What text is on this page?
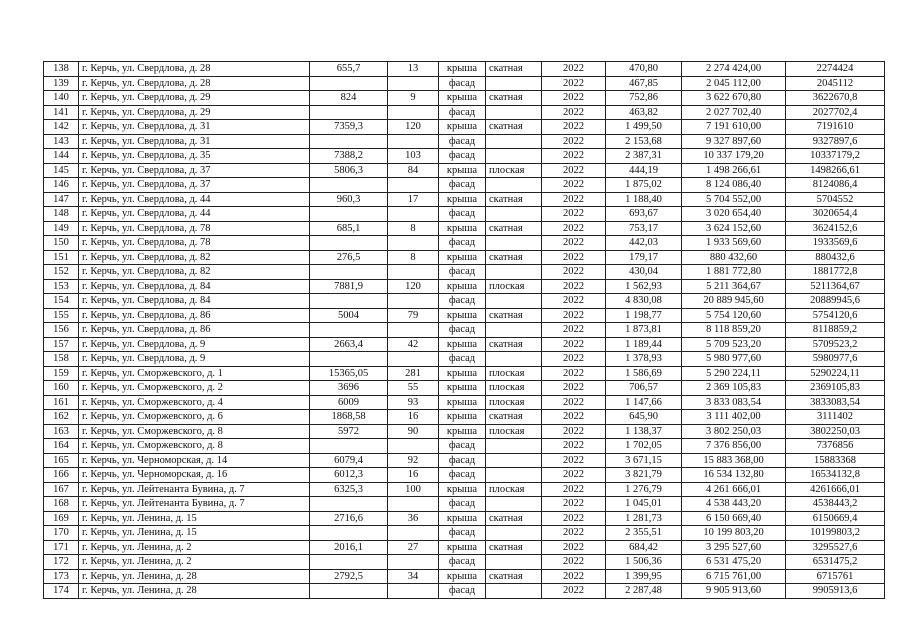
138	г. Керчь, ул. Свердлова, д. 28	655,7	13	крыша	скатная	2022	470,80	2 274 424,00	2274424
139	г. Керчь, ул. Свердлова, д. 28			фасад		2022	467,85	2 045 112,00	2045112
140	г. Керчь, ул. Свердлова, д. 29	824	9	крыша	скатная	2022	752,86	3 622 670,80	3622670,8
141	г. Керчь, ул. Свердлова, д. 29			фасад		2022	463,82	2 027 702,40	2027702,4
142	г. Керчь, ул. Свердлова, д. 31	7359,3	120	крыша	скатная	2022	1 499,50	7 191 610,00	7191610
143	г. Керчь, ул. Свердлова, д. 31			фасад		2022	2 153,68	9 327 897,60	9327897,6
144	г. Керчь, ул. Свердлова, д. 35	7388,2	103	фасад		2022	2 387,31	10 337 179,20	10337179,2
145	г. Керчь, ул. Свердлова, д. 37	5806,3	84	крыша	плоская	2022	444,19	1 498 266,61	1498266,61
146	г. Керчь, ул. Свердлова, д. 37			фасад		2022	1 875,02	8 124 086,40	8124086,4
147	г. Керчь, ул. Свердлова, д. 44	960,3	17	крыша	скатная	2022	1 188,40	5 704 552,00	5704552
148	г. Керчь, ул. Свердлова, д. 44			фасад		2022	693,67	3 020 654,40	3020654,4
149	г. Керчь, ул. Свердлова, д. 78	685,1	8	крыша	скатная	2022	753,17	3 624 152,60	3624152,6
150	г. Керчь, ул. Свердлова, д. 78			фасад		2022	442,03	1 933 569,60	1933569,6
151	г. Керчь, ул. Свердлова, д. 82	276,5	8	крыша	скатная	2022	179,17	880 432,60	880432,6
152	г. Керчь, ул. Свердлова, д. 82			фасад		2022	430,04	1 881 772,80	1881772,8
153	г. Керчь, ул. Свердлова, д. 84	7881,9	120	крыша	плоская	2022	1 562,93	5 211 364,67	5211364,67
154	г. Керчь, ул. Свердлова, д. 84			фасад		2022	4 830,08	20 889 945,60	20889945,6
155	г. Керчь, ул. Свердлова, д. 86	5004	79	крыша	скатная	2022	1 198,77	5 754 120,60	5754120,6
156	г. Керчь, ул. Свердлова, д. 86			фасад		2022	1 873,81	8 118 859,20	8118859,2
157	г. Керчь, ул. Свердлова, д. 9	2663,4	42	крыша	скатная	2022	1 189,44	5 709 523,20	5709523,2
158	г. Керчь, ул. Свердлова, д. 9			фасад		2022	1 378,93	5 980 977,60	5980977,6
159	г. Керчь, ул. Сморжевского, д. 1	15365,05	281	крыша	плоская	2022	1 586,69	5 290 224,11	5290224,11
160	г. Керчь, ул. Сморжевского, д. 2	3696	55	крыша	плоская	2022	706,57	2 369 105,83	2369105,83
161	г. Керчь, ул. Сморжевского, д. 4	6009	93	крыша	плоская	2022	1 147,66	3 833 083,54	3833083,54
162	г. Керчь, ул. Сморжевского, д. 6	1868,58	16	крыша	скатная	2022	645,90	3 111 402,00	3111402
163	г. Керчь, ул. Сморжевского, д. 8	5972	90	крыша	плоская	2022	1 138,37	3 802 250,03	3802250,03
164	г. Керчь, ул. Сморжевского, д. 8			фасад		2022	1 702,05	7 376 856,00	7376856
165	г. Керчь, ул. Черноморская, д. 14	6079,4	92	фасад		2022	3 671,15	15 883 368,00	15883368
166	г. Керчь, ул. Черноморская, д. 16	6012,3	16	фасад		2022	3 821,79	16 534 132,80	16534132,8
167	г. Керчь, ул. Лейтенанта Бувина, д. 7	6325,3	100	крыша	плоская	2022	1 276,79	4 261 666,01	4261666,01
168	г. Керчь, ул. Лейтенанта Бувина, д. 7			фасад		2022	1 045,01	4 538 443,20	4538443,2
169	г. Керчь, ул. Ленина, д. 15	2716,6	36	крыша	скатная	2022	1 281,73	6 150 669,40	6150669,4
170	г. Керчь, ул. Ленина, д. 15			фасад		2022	2 355,51	10 199 803,20	10199803,2
171	г. Керчь, ул. Ленина, д. 2	2016,1	27	крыша	скатная	2022	684,42	3 295 527,60	3295527,6
172	г. Керчь, ул. Ленина, д. 2			фасад		2022	1 506,36	6 531 475,20	6531475,2
173	г. Керчь, ул. Ленина, д. 28	2792,5	34	крыша	скатная	2022	1 399,95	6 715 761,00	6715761
174	г. Керчь, ул. Ленина, д. 28			фасад		2022	2 287,48	9 905 913,60	9905913,6
